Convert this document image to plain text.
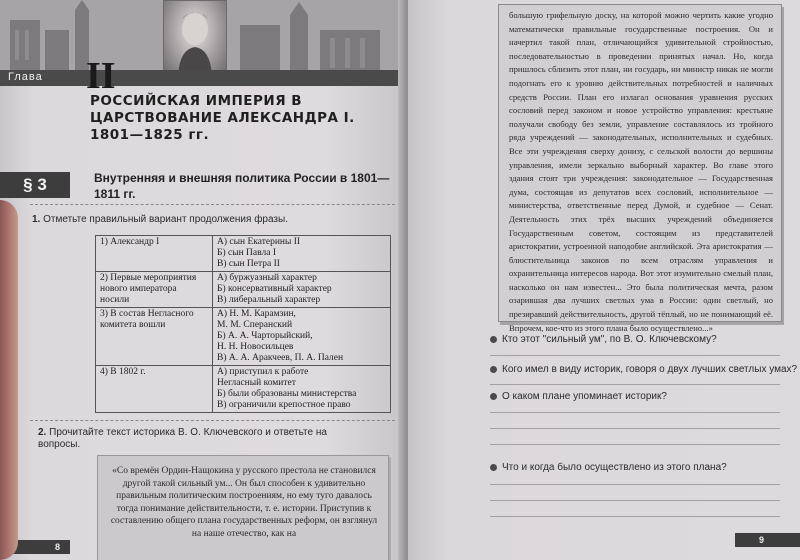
Глава II
РОССИЙСКАЯ ИМПЕРИЯ В ЦАРСТВОВАНИЕ АЛЕКСАНДРА I. 1801—1825 гг.
§ 3	Внутренняя и внешняя политика России в 1801—1811 гг.
1. Отметьте правильный вариант продолжения фразы.
1) Александр I	А) сын Екатерины II
Б) сын Павла I
В) сын Петра II

2) Первые мероприятия нового императора носили	А) буржуазный характер
Б) консервативный характер
В) либеральный характер

3) В состав Негласного комитета вошли	А) Н. М. Карамзин,
М. М. Сперанский
Б) А. А. Чарторыйский,
Н. Н. Новосильцев
В) А. А. Аракчеев, П. А. Пален

4) В 1802 г.	А) приступил к работе
Негласный комитет
Б) были образованы министерства
В) ограничили крепостное право
2. Прочитайте текст историка В. О. Ключевского и ответьте на вопросы.
«Со времён Ордин-Нащокина у русского престола не становился другой такой сильный ум... Он был способен к удивительно правильным политическим построениям, но ему туго давалось тогда понимание действительности, т. е. истории. Приступив к составлению общего плана государственных реформ, он взглянул на наше отечество, как на
8
большую грифельную доску, на которой можно чертить какие угодно математически правильные государственные построения. Он и начертил такой план, отличающийся удивительной стройностью, последовательностью в проведении принятых начал. Но, когда пришлось сблизить этот план, ни государь, ни министр никак не могли подогнать его к уровню действительных потребностей и наличных средств России. План его излагал основания уравнения русских сословий перед законом и новое устройство управления: крестьяне получали свободу без земли, управление составлялось из тройного ряда учреждений — законодательных, исполнительных и судебных. Все эти учреждения сверху донизу, с сельской волости до вершины управления, имели зеркально выборный характер. Во главе этого здания стоят три учреждения: законодательное — Государственная дума, состоящая из депутатов всех сословий, исполнительное — министерства, ответственные перед Думой, и судебное — Сенат. Деятельность этих трёх высших учреждений объединяется Государственным советом, состоящим из представителей аристократии, устроенной наподобие английской. Эта аристократия — блюстительница законов по всем отраслям управления и охранительница интересов народа. Вот этот изумительно смелый план, насколько он нам известен... Это была политическая мечта, разом озарившая два лучших светлых ума в России: один светлый, но презиравший действительность, другой тёплый, но не понимающий её. Впрочем, кое-что из этого плана было осуществлено...»
Кто этот "сильный ум", по В. О. Ключевскому?
Кого имел в виду историк, говоря о двух лучших светлых умах?
О каком плане упоминает историк?
Что и когда было осуществлено из этого плана?
9
